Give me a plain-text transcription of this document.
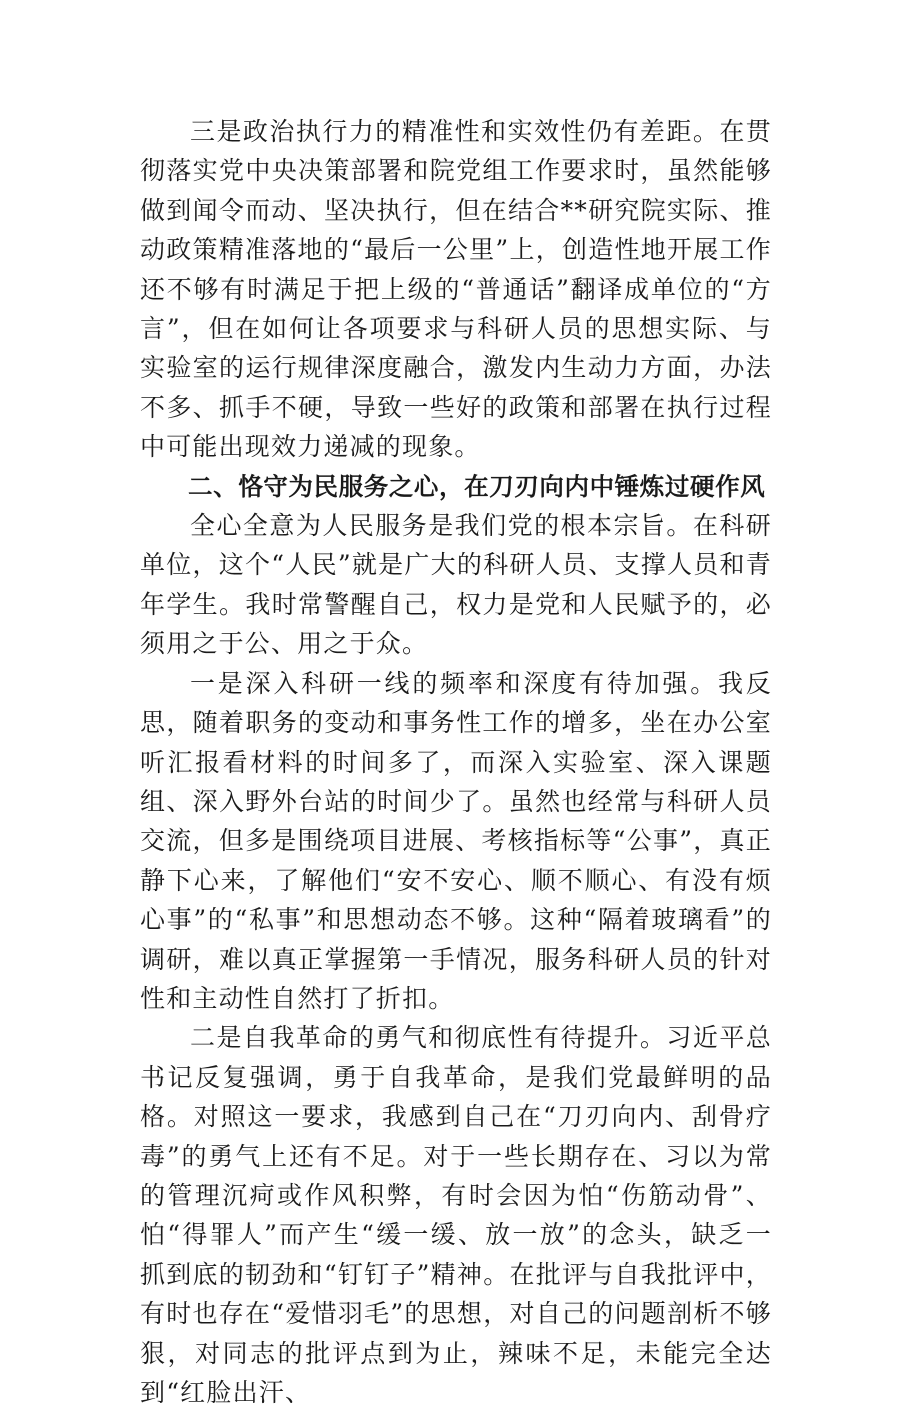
三是政治执行力的精准性和实效性仍有差距。在贯彻落实党中央决策部署和院党组工作要求时，虽然能够做到闻令而动、坚决执行，但在结合**研究院实际、推动政策精准落地的“最后一公里”上，创造性地开展工作还不够有时满足于把上级的“普通话”翻译成单位的“方言”，但在如何让各项要求与科研人员的思想实际、与实验室的运行规律深度融合，激发内生动力方面，办法不多、抓手不硬，导致一些好的政策和部署在执行过程中可能出现效力递减的现象。

二、恪守为民服务之心，在刀刃向内中锤炼过硬作风

全心全意为人民服务是我们党的根本宗旨。在科研单位，这个“人民”就是广大的科研人员、支撑人员和青年学生。我时常警醒自己，权力是党和人民赋予的，必须用之于公、用之于众。

一是深入科研一线的频率和深度有待加强。我反思，随着职务的变动和事务性工作的增多，坐在办公室听汇报看材料的时间多了，而深入实验室、深入课题组、深入野外台站的时间少了。虽然也经常与科研人员交流，但多是围绕项目进展、考核指标等“公事”，真正静下心来，了解他们“安不安心、顺不顺心、有没有烦心事”的“私事”和思想动态不够。这种“隔着玻璃看”的调研，难以真正掌握第一手情况，服务科研人员的针对性和主动性自然打了折扣。

二是自我革命的勇气和彻底性有待提升。习近平总书记反复强调，勇于自我革命，是我们党最鲜明的品格。对照这一要求，我感到自己在“刀刃向内、刮骨疗毒”的勇气上还有不足。对于一些长期存在、习以为常的管理沉疴或作风积弊，有时会因为怕“伤筋动骨”、怕“得罪人”而产生“缓一缓、放一放”的念头，缺乏一抓到底的韧劲和“钉钉子”精神。在批评与自我批评中，有时也存在“爱惜羽毛”的思想，对自己的问题剖析不够狠，对同志的批评点到为止，辣味不足，未能完全达到“红脸出汗、
